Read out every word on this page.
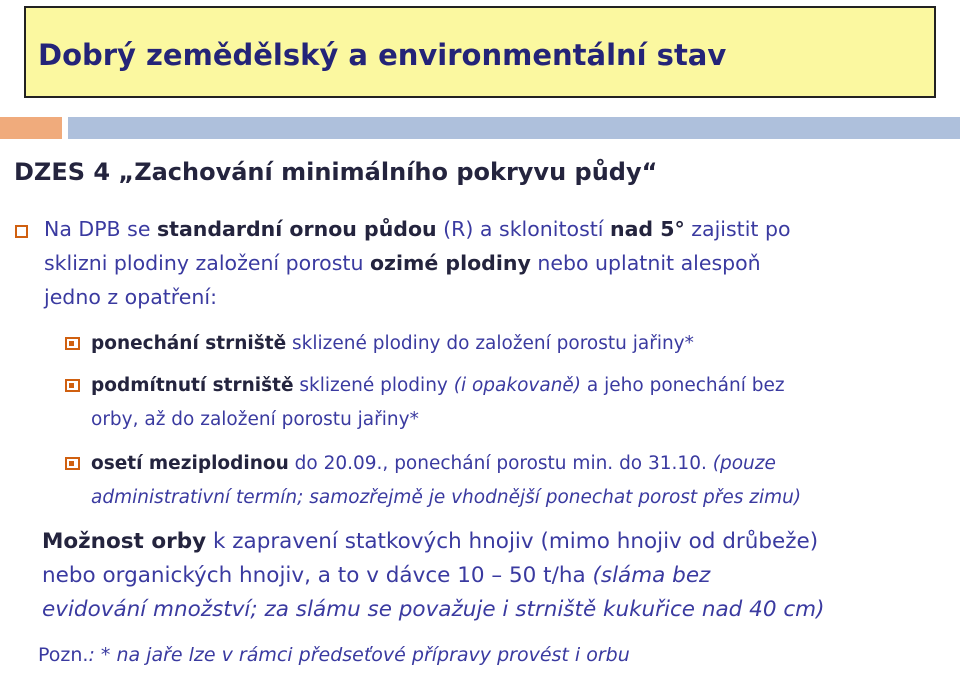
Dobrý zemědělský a environmentální stav
DZES 4 „Zachování minimálního pokryvu půdy“
Na DPB se standardní ornou půdou (R) a sklonitostí nad 5° zajistit po
sklizni plodiny založení porostu ozimé plodiny nebo uplatnit alespoň
jedno z opatření:
ponechání strniště sklizené plodiny do založení porostu jařiny*
podmítnutí strniště sklizené plodiny (i opakovaně) a jeho ponechání bez
orby, až do založení porostu jařiny*
osetí meziplodinou do 20.09., ponechání porostu min. do 31.10. (pouze
administrativní termín; samozřejmě je vhodnější ponechat porost přes zimu)
Možnost orby k zapravení statkových hnojiv (mimo hnojiv od drůbeže)
nebo organických hnojiv, a to v dávce 10 – 50 t/ha (sláma bez
evidování množství; za slámu se považuje i strniště kukuřice nad 40 cm)
Pozn.: * na jaře lze v rámci předseťové přípravy provést i orbu
